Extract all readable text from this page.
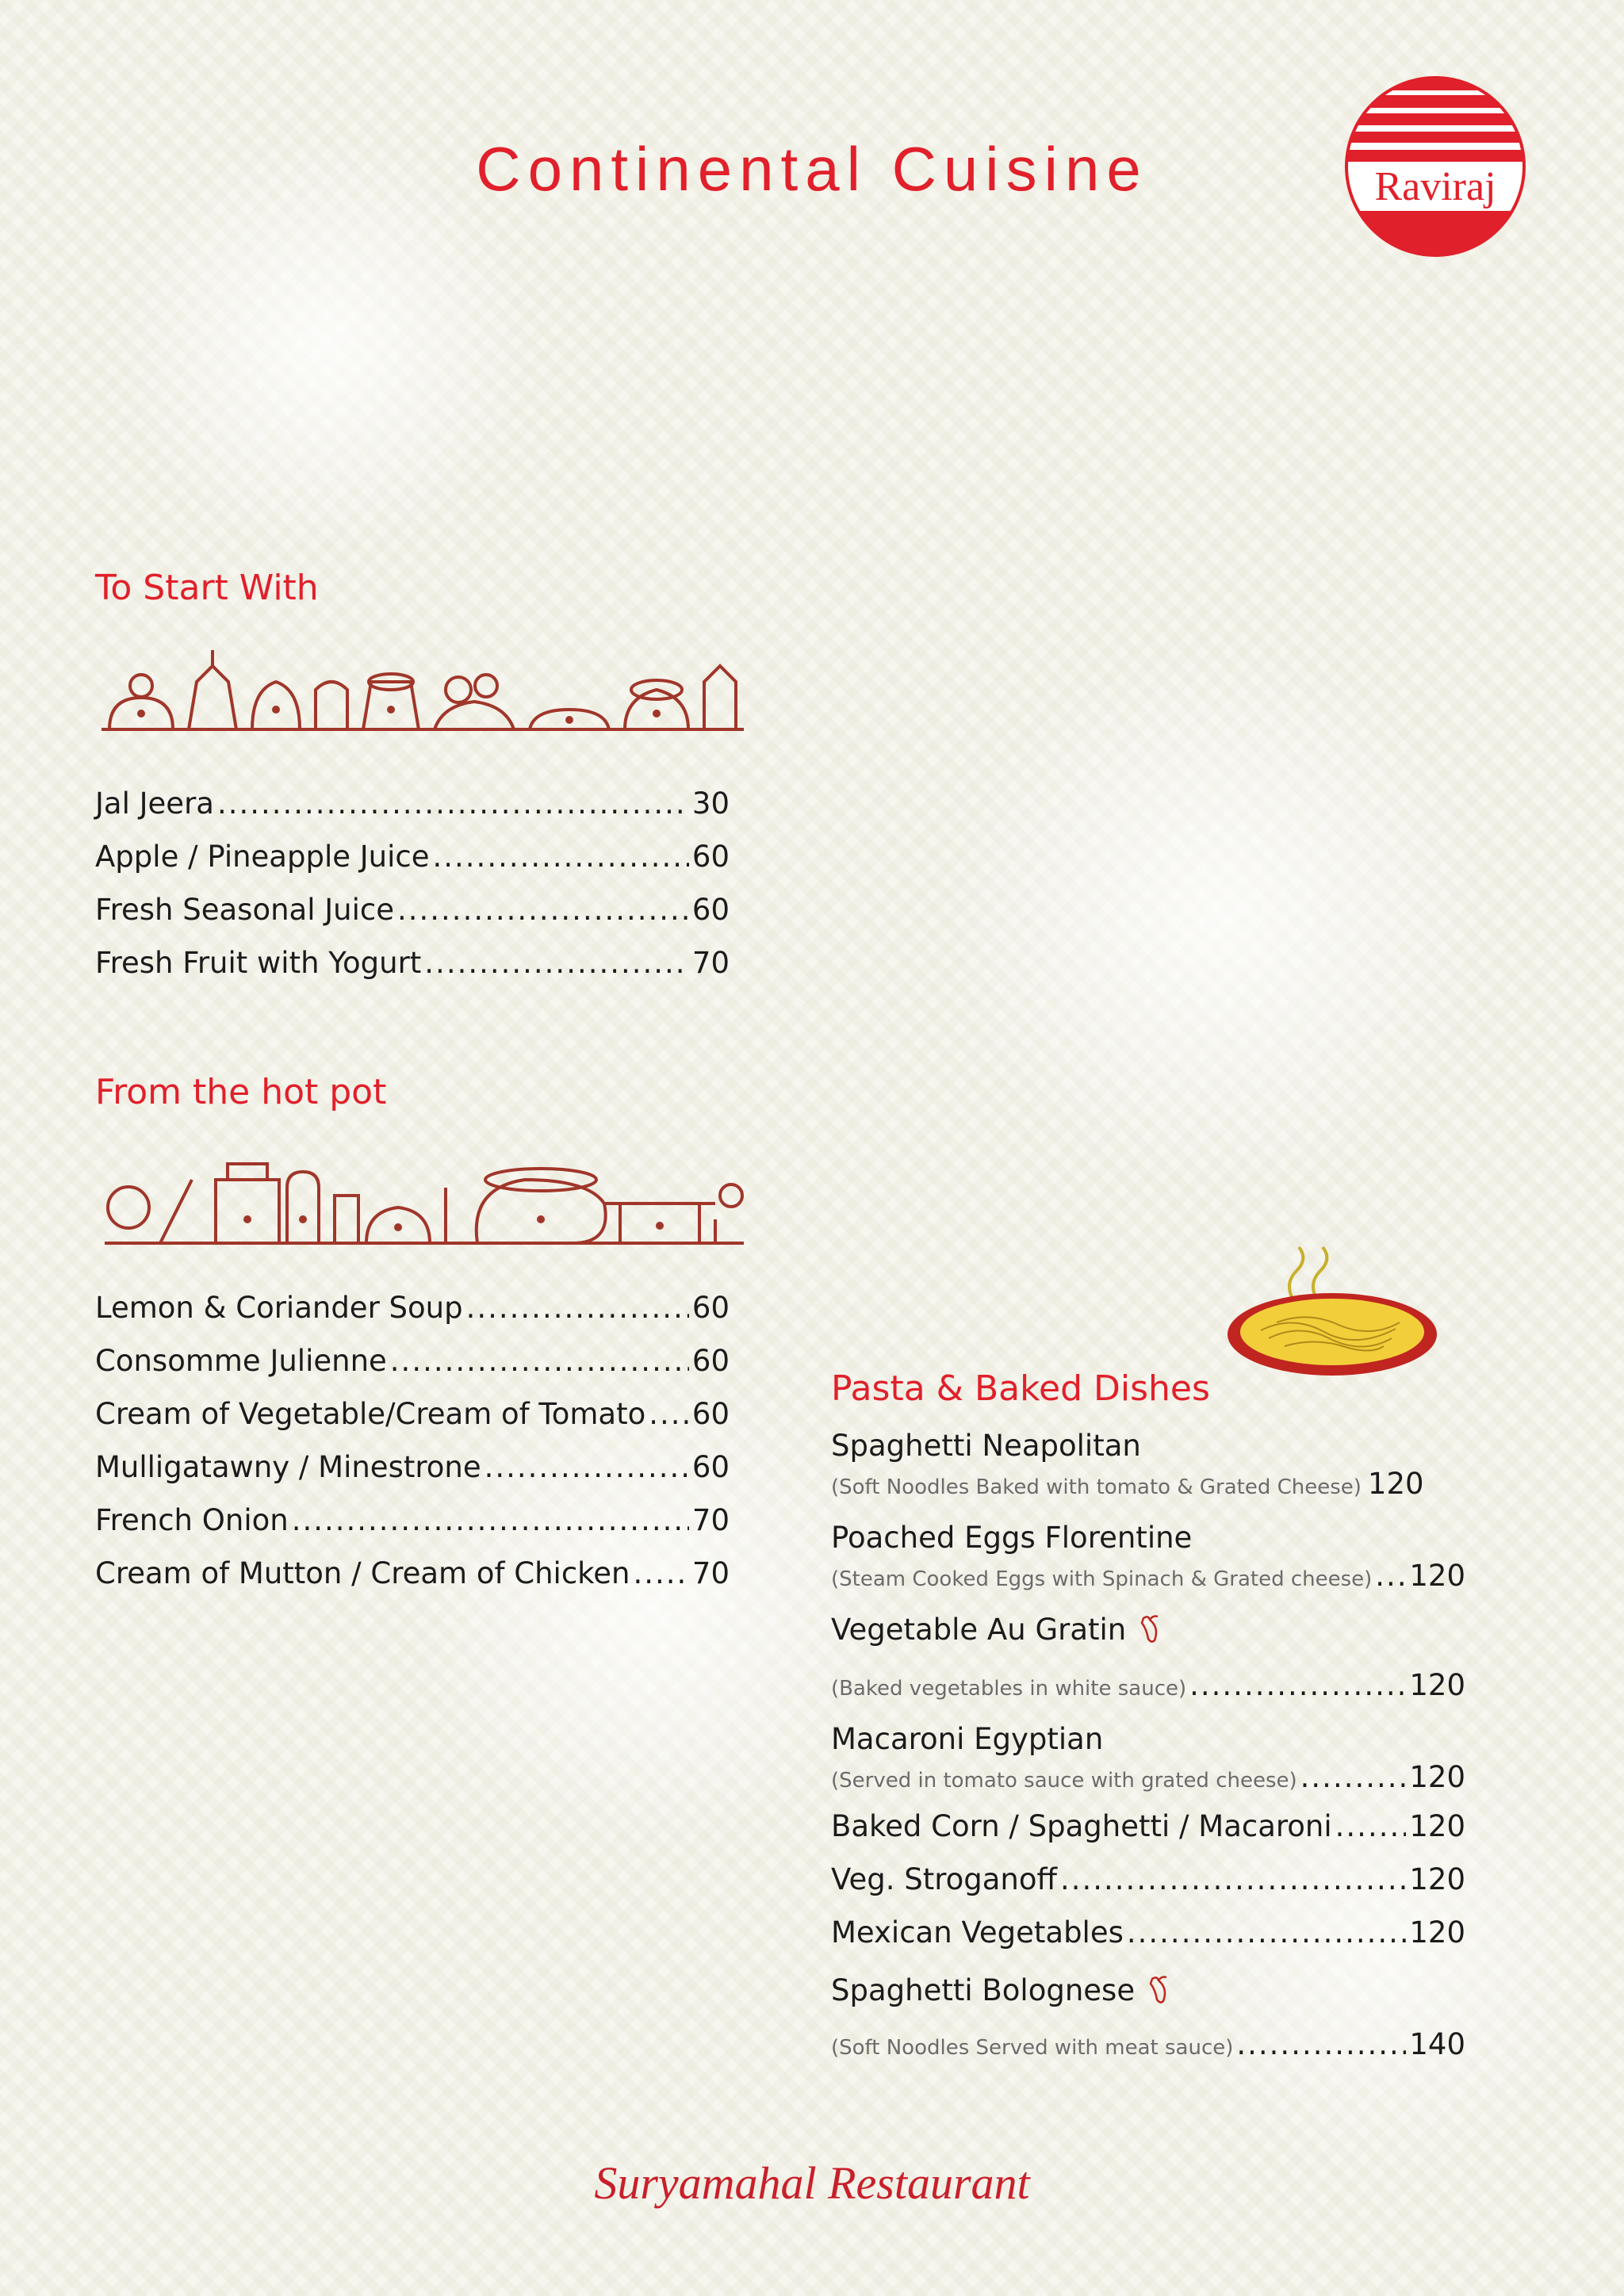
Continental Cuisine	Raviraj
To Start With
Jal Jeera .....	30
Apple / Pineapple Juice .....	60
Fresh Seasonal Juice .....	60
Fresh Fruit with Yogurt .....	70
From the hot pot
Lemon & Coriander Soup .....	60
Consomme Julienne .....	60
Cream of Vegetable/Cream of Tomato ..... 60
Mulligatawny / Minestrone .....	60
French Onion .....	70
Cream of Mutton / Cream of Chicken ..... 70
Pasta & Baked Dishes
Spaghetti Neapolitan
(Soft Noodles Baked with tomato & Grated Cheese) 120
Poached Eggs Florentine
(Steam Cooked Eggs with Spinach & Grated cheese) ..... 120
Vegetable Au Gratin
(Baked vegetables in white sauce) .....	120
Macaroni Egyptian
(Served in tomato sauce with grated cheese) .....	120
Baked Corn / Spaghetti / Macaroni .....	120
Veg. Stroganoff .....	120
Mexican Vegetables .....	120
Spaghetti Bolognese
(Soft Noodles Served with meat sauce) .....	140
Suryamahal Restaurant
